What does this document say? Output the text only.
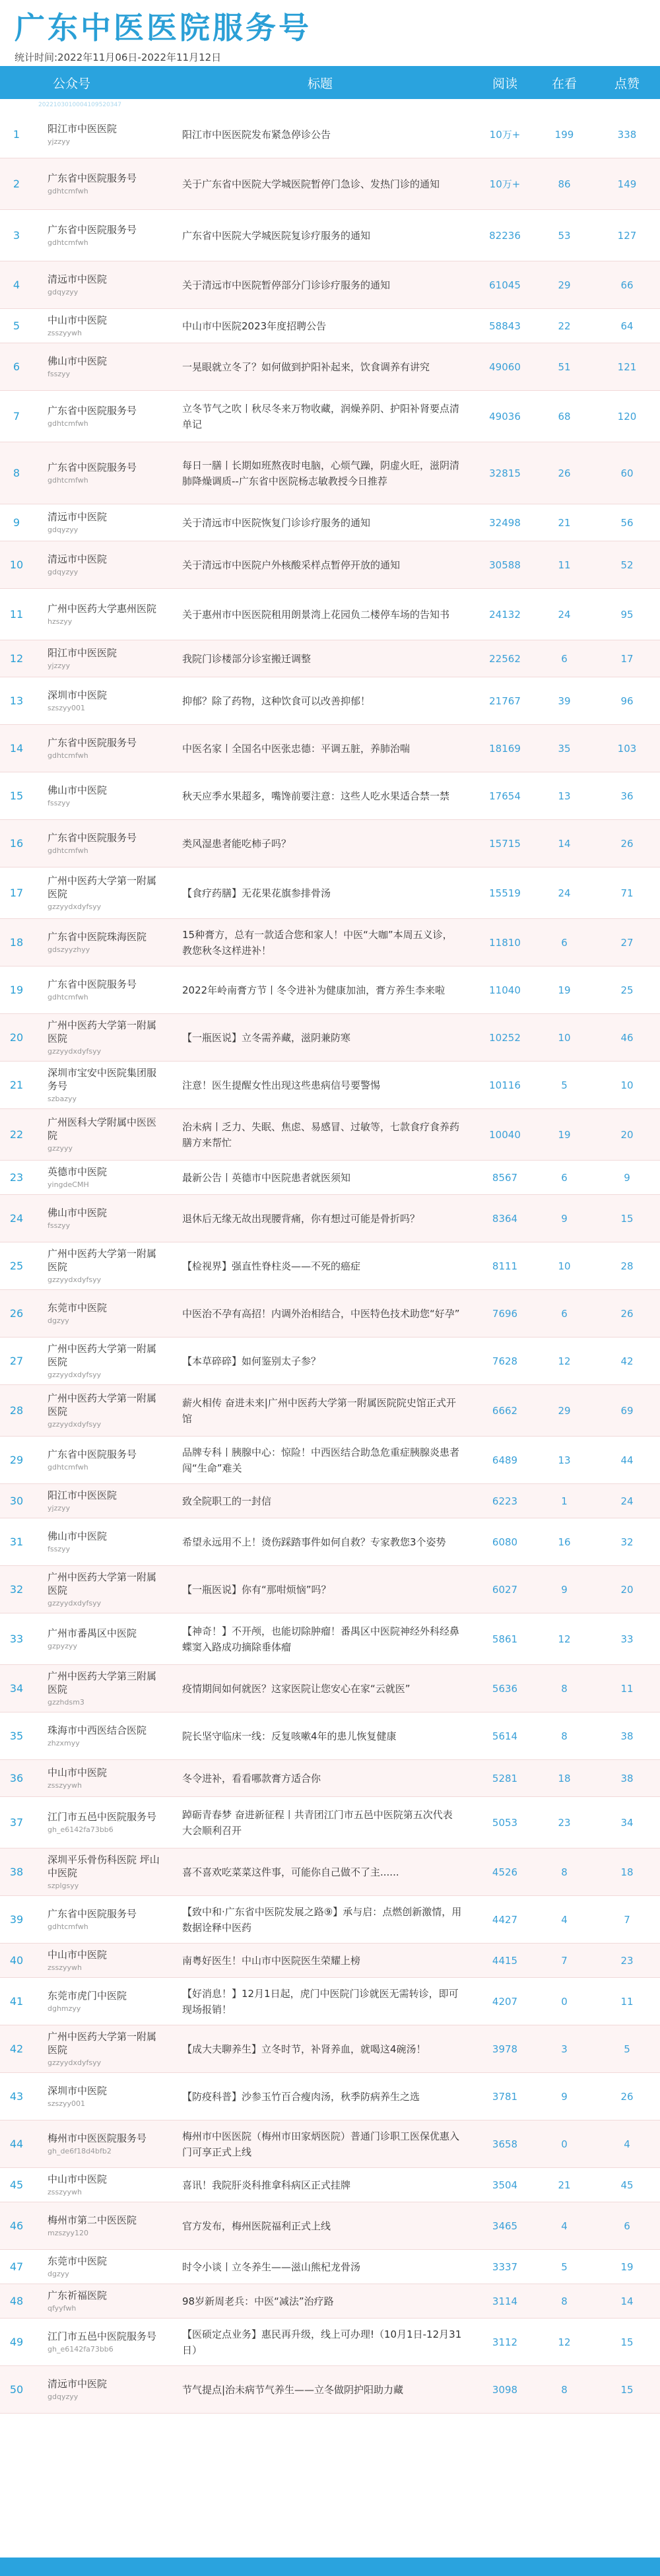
广东中医医院服务号
统计时间:2022年11月06日-2022年11月12日
公众号	标题	阅读	在看	点赞
2022103010004109520347
1	阳江市中医医院
yjzzyy
阳江市中医医院发布紧急停诊公告	10万+	199	338
2	广东省中医院服务号
gdhtcmfwh
关于广东省中医院大学城医院暂停门急诊、发热门诊的通知	10万+	86	149
3	广东省中医院服务号
gdhtcmfwh
广东省中医院大学城医院复诊疗服务的通知	82236	53	127
4	清远市中医院
gdqyzyy
关于清远市中医院暂停部分门诊诊疗服务的通知	61045	29	66
5	中山市中医院
zsszyywh
中山市中医院2023年度招聘公告	58843	22	64
6	佛山市中医院
fsszyy
一晃眼就立冬了？如何做到护阳补起来，饮食调养有讲究	49060	51	121
7	广东省中医院服务号
gdhtcmfwh
立冬节气之吹丨秋尽冬来万物收藏，润燥养阴、护阳补肾要点清单记
49036	68	120
8	广东省中医院服务号
gdhtcmfwh
每日一膳丨长期如班熬夜时电脑，心烦气躁，阴虚火旺，滋阴清肺降燥调质--广东省中医院杨志敏教授今日推荐
32815	26	60
9	清远市中医院
gdqyzyy
关于清远市中医院恢复门诊诊疗服务的通知	32498	21	56
10	清远市中医院
gdqyzyy
关于清远市中医院户外核酸采样点暂停开放的通知	30588	11	52
11	广州中医药大学惠州医院
hzszyy
关于惠州市中医医院租用朗景湾上花园负二楼停车场的告知书	24132	24	95
12	阳江市中医医院
yjzzyy
我院门诊楼部分诊室搬迁调整	22562	6	17
13	深圳市中医院
szszyy001
抑郁？除了药物，这种饮食可以改善抑郁！	21767	39	96
14	广东省中医院服务号
gdhtcmfwh
中医名家丨全国名中医张忠德：平调五脏，养肺治喘	18169	35	103
15	佛山市中医院
fsszyy
秋天应季水果超多，嘴馋前要注意：这些人吃水果适合禁一禁	17654	13	36
16	广东省中医院服务号
gdhtcmfwh
类风湿患者能吃柿子吗？	15715	14	26
17
广州中医药大学第一附属医院
gzzyydxdyfsyy
【食疗药膳】无花果花旗参排骨汤	15519	24	71
18	广东省中医院珠海医院
gdszyyzhyy
15种膏方，总有一款适合您和家人！中医“大咖”本周五义诊，教您秋冬这样进补！
11810	6	27
19	广东省中医院服务号
gdhtcmfwh
2022年岭南膏方节丨冬令进补为健康加油，膏方养生李来啦	11040	19	25
20
广州中医药大学第一附属医院
gzzyydxdyfsyy
【一瓶医说】立冬需养藏，滋阴兼防寒	10252	10	46
21
深圳市宝安中医院集团服务号
szbazyy
注意！医生提醒女性出现这些患病信号要警惕	10116	5	10
22
广州医科大学附属中医医院
gzzyyy
治未病丨乏力、失眠、焦虑、易感冒、过敏等，七款食疗食养药膳方来帮忙
10040	19	20
23	英德市中医院
yingdeCMH
最新公告丨英德市中医院患者就医须知	8567	6	9
24	佛山市中医院
fsszyy
退休后无缘无故出现腰背痛，你有想过可能是骨折吗？	8364	9	15
25
广州中医药大学第一附属医院
gzzyydxdyfsyy
【检视界】强直性脊柱炎——不死的癌症	8111	10	28
26	东莞市中医院
dgzyy
中医治不孕有高招！内调外治相结合，中医特色技术助您“好孕”	7696	6	26
27
广州中医药大学第一附属医院
gzzyydxdyfsyy
【本草碎碎】如何鉴别太子参？	7628	12	42
28
广州中医药大学第一附属医院
gzzyydxdyfsyy
薪火相传 奋进未来|广州中医药大学第一附属医院院史馆正式开馆
6662	29	69
29	广东省中医院服务号
gdhtcmfwh
品牌专科丨胰腺中心：惊险！中西医结合助急危重症胰腺炎患者闯“生命”难关
6489	13	44
30	阳江市中医医院
yjzzyy
致全院职工的一封信	6223	1	24
31	佛山市中医院
fsszyy
希望永远用不上！烫伤踩踏事件如何自救？专家教您3个姿势	6080	16	32
32
广州中医药大学第一附属医院
gzzyydxdyfsyy
【一瓶医说】你有“那咁烦恼”吗？	6027	9	20
33	广州市番禺区中医院
gzpyzyy
【神奇！】不开颅，也能切除肿瘤！番禺区中医院神经外科经鼻蝶窦入路成功摘除垂体瘤
5861	12	33
34
广州中医药大学第三附属医院
gzzhdsm3
疫情期间如何就医？这家医院让您安心在家“云就医”	5636	8	11
35	珠海市中西医结合医院
zhzxmyy
院长坚守临床一线：反复咳嗽4年的患儿恢复健康	5614	8	38
36	中山市中医院
zsszyywh
冬令进补，看看哪款膏方适合你	5281	18	38
37	江门市五邑中医院服务号
gh_e6142fa73bb6
踔砺青春梦 奋进新征程丨共青团江门市五邑中医院第五次代表大会顺利召开
5053	23	34
38
深圳平乐骨伤科医院 坪山中医院
szplgsyy
喜不喜欢吃菜菜这件事，可能你自己做不了主......	4526	8	18
39	广东省中医院服务号
gdhtcmfwh
【致中和·广东省中医院发展之路⑨】承与启：点燃创新激情，用数据诠释中医药
4427	4	7
40	中山市中医院
zsszyywh
南粤好医生！中山市中医院医生荣耀上榜	4415	7	23
41	东莞市虎门中医院
dghmzyy
【好消息！】12月1日起，虎门中医院门诊就医无需转诊，即可现场报销！
4207	0	11
42
广州中医药大学第一附属医院
gzzyydxdyfsyy
【成大夫聊养生】立冬时节，补肾养血，就喝这4碗汤！	3978	3	5
43	深圳市中医院
szszyy001
【防疫科普】沙参玉竹百合瘦肉汤，秋季防病养生之选	3781	9	26
44	梅州市中医医院服务号
gh_de6f18d4bfb2
梅州市中医医院（梅州市田家炳医院）普通门诊职工医保优惠入门可享正式上线
3658	0	4
45	中山市中医院
zsszyywh
喜讯！我院肝炎科推拿科病区正式挂牌	3504	21	45
46	梅州市第二中医医院
mzszyy120
官方发布，梅州医院福利正式上线	3465	4	6
47	东莞市中医院
dgzyy
时令小谈丨立冬养生——滋山熊杞龙骨汤	3337	5	19
48	广东祈福医院
qfyyfwh
98岁新周老兵：中医“减法”治疗路	3114	8	14
49	江门市五邑中医院服务号
gh_e6142fa73bb6
【医硕定点业务】惠民再升级，线上可办理!（10月1日-12月31日）
3112	12	15
50	清远市中医院
gdqyzyy
节气提点|治未病节气养生——立冬做阴护阳助力藏	3098	8	15
